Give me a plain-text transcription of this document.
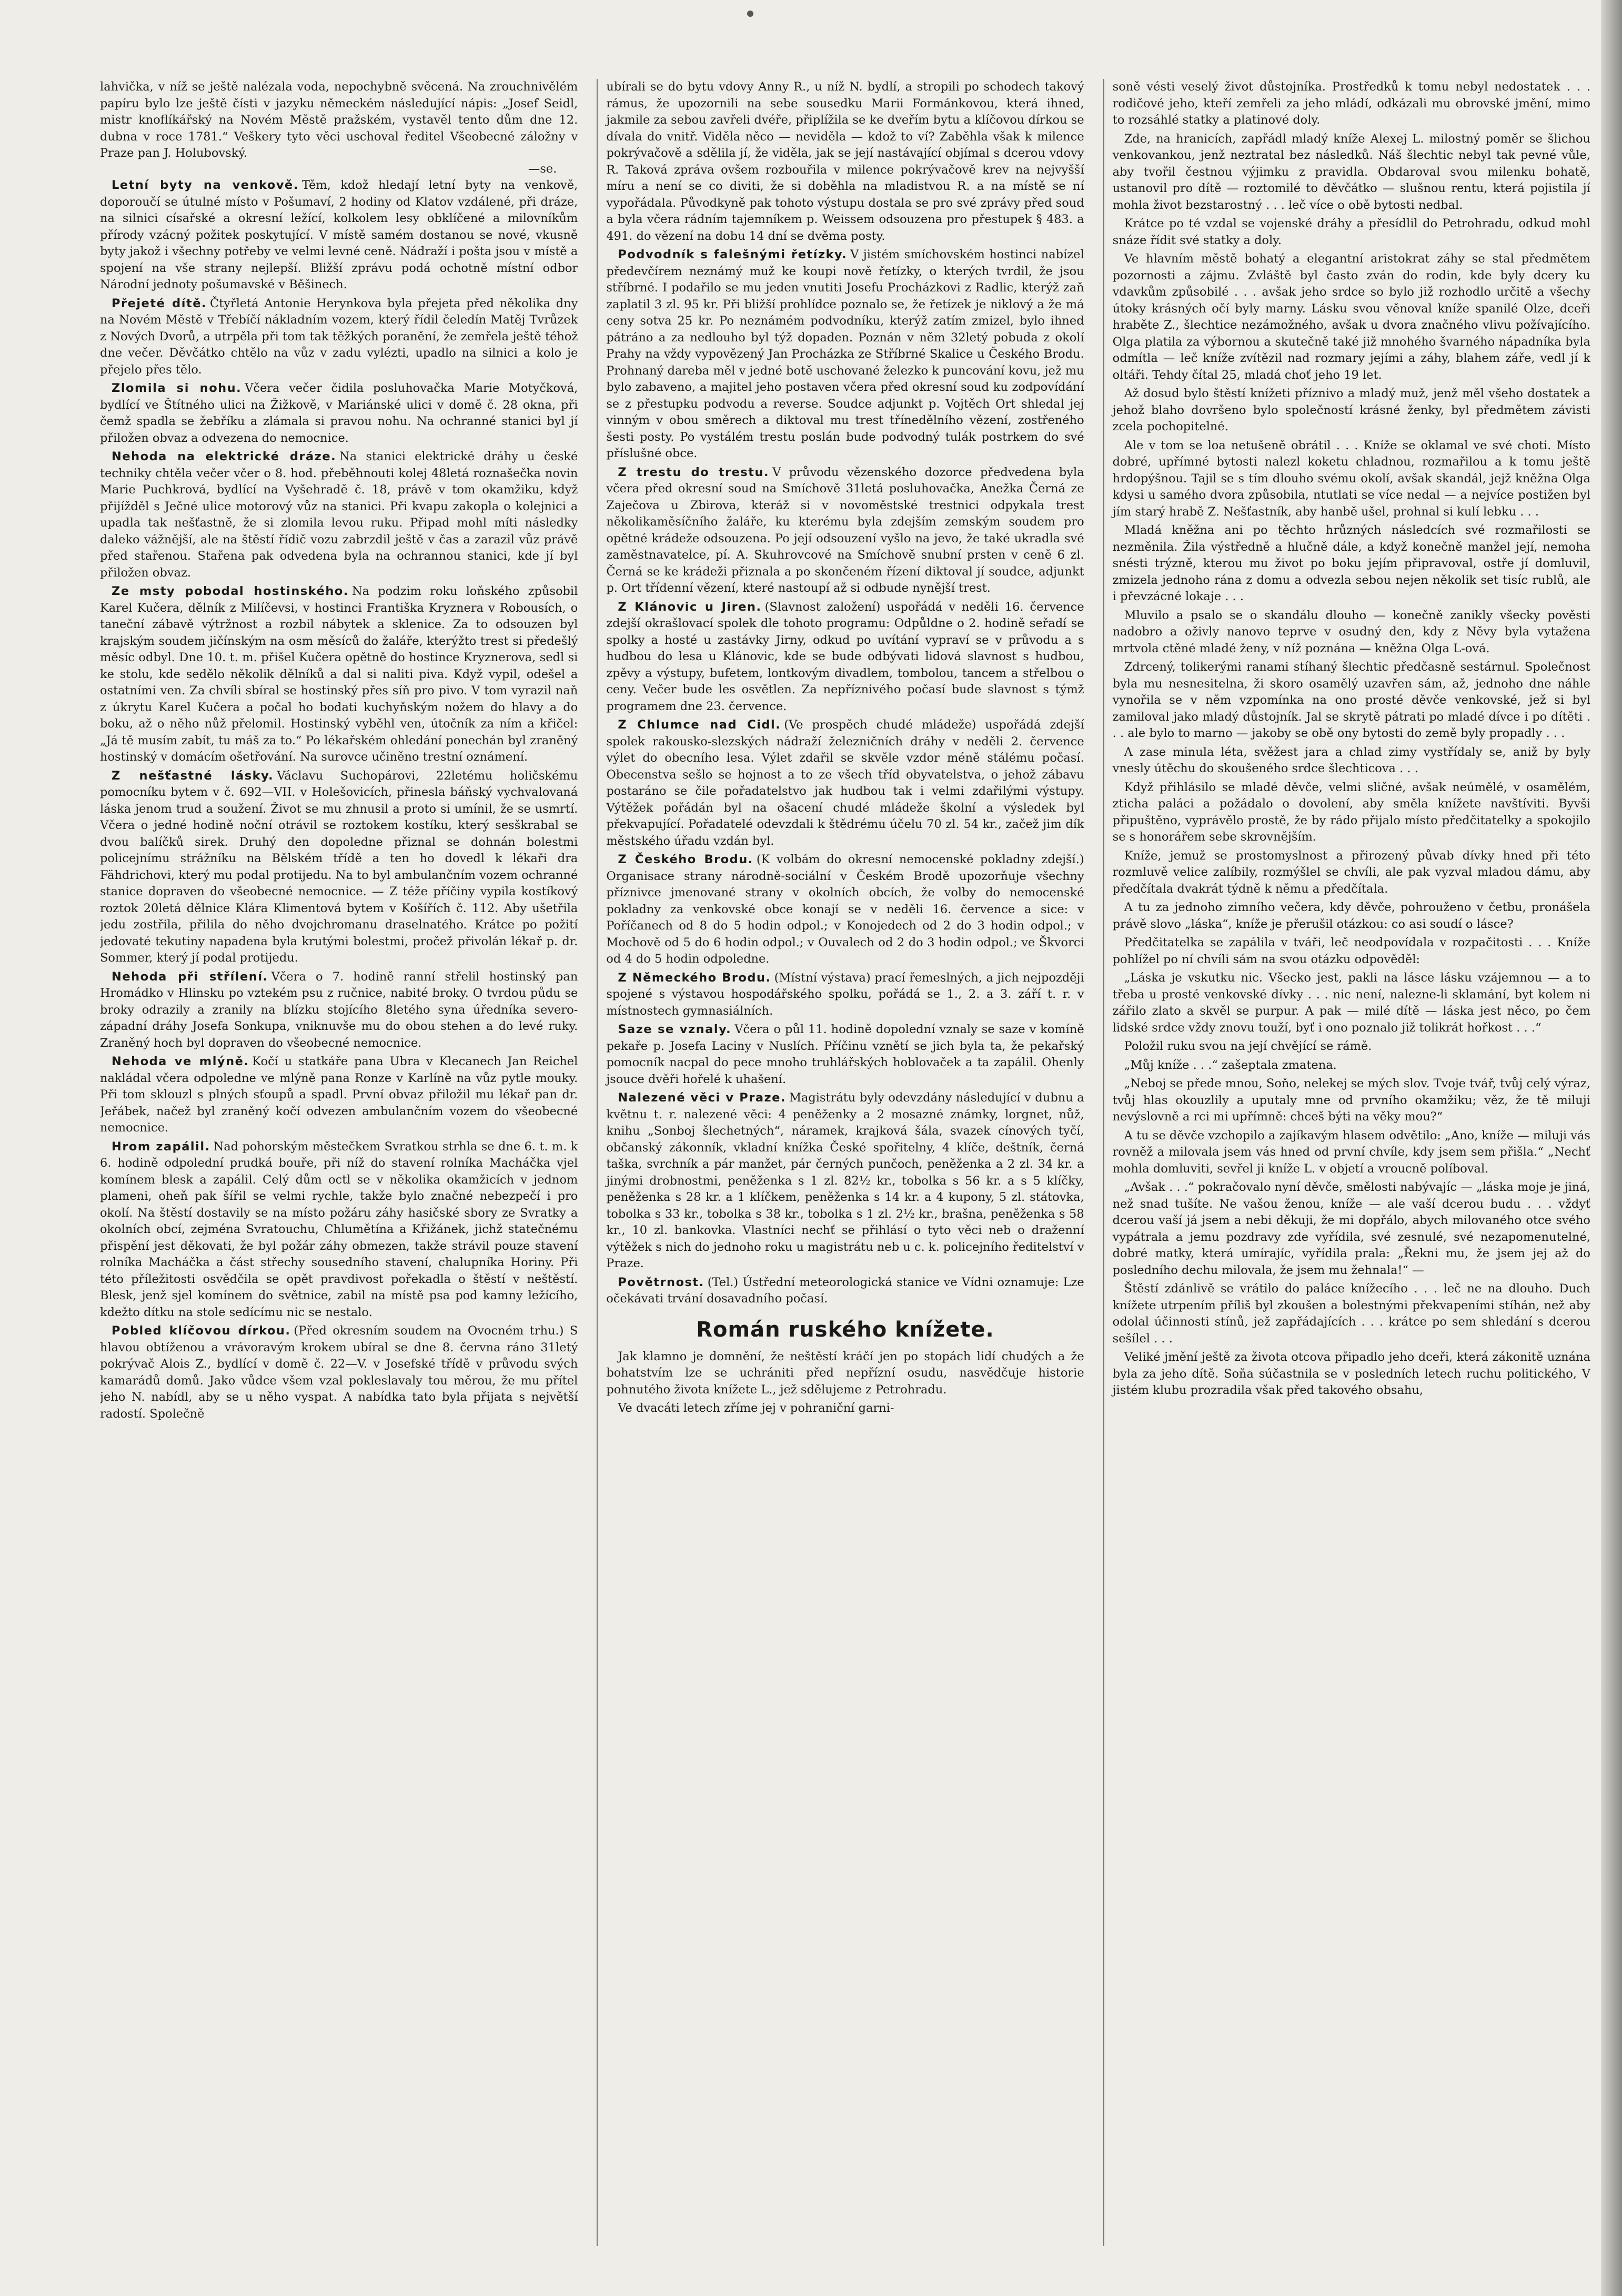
lahvička, v níž se ještě nalézala voda, nepochybně svěcená. Na zrouchnivělém papíru bylo lze ještě čísti v jazyku německém následující nápis: „Josef Seidl, mistr knoflíkářský na Novém Městě pražském, vystavěl tento dům dne 12. dubna v roce 1781.“ Veškery tyto věci uschoval ředitel Všeobecné záložny v Praze pan J. Holubovský.

—se.

Letní byty na venkově. Těm, kdož hledají letní byty na venkově, doporoučí se útulné místo v Pošumaví, 2 hodiny od Klatov vzdálené, při dráze, na silnici císařské a okresní ležící, kolkolem lesy obklíčené a milovníkům přírody vzácný požitek poskytující. V místě samém dostanou se nové, vkusně byty jakož i všechny potřeby ve velmi levné ceně. Nádraží i pošta jsou v místě a spojení na vše strany nejlepší. Bližší zprávu podá ochotně místní odbor Národní jednoty pošumavské v Běšinech.

Přejeté dítě. Čtyřletá Antonie Herynkova byla přejeta před několika dny na Novém Městě v Třebíčí nákladním vozem, který řídil čeledín Matěj Tvrůzek z Nových Dvorů, a utrpěla při tom tak těžkých poranění, že zemřela ještě téhož dne večer. Děvčátko chtělo na vůz v zadu vylézti, upadlo na silnici a kolo je přejelo přes tělo.

Zlomila si nohu. Včera večer čidila posluhovačka Marie Motyčková, bydlící ve Štítného ulici na Žižkově, v Mariánské ulici v domě č. 28 okna, při čemž spadla se žebříku a zlámala si pravou nohu. Na ochranné stanici byl jí přiložen obvaz a odvezena do nemocnice.

Nehoda na elektrické dráze. Na stanici elektrické dráhy u české techniky chtěla večer včer o 8. hod. přeběhnouti kolej 48letá roznašečka novin Marie Puchkrová, bydlící na Vyšehradě č. 18, právě v tom okamžiku, když přijížděl s Ječné ulice motorový vůz na stanici. Při kvapu zakopla o kolejnici a upadla tak nešťastně, že si zlomila levou ruku. Připad mohl míti následky daleko vážnější, ale na štěstí řídič vozu zabrzdil ještě v čas a zarazil vůz právě před stařenou. Stařena pak odvedena byla na ochrannou stanici, kde jí byl přiložen obvaz.

Ze msty pobodal hostinského. Na podzim roku loňského způsobil Karel Kučera, dělník z Milíčevsi, v hostinci Františka Kryznera v Robousích, o taneční zábavě výtržnost a rozbil nábytek a sklenice. Za to odsouzen byl krajským soudem jičínským na osm měsíců do žaláře, kterýžto trest si předešlý měsíc odbyl. Dne 10. t. m. přišel Kučera opětně do hostince Kryznerova, sedl si ke stolu, kde sedělo několik dělníků a dal si naliti piva. Když vypil, odešel a ostatními ven. Za chvíli sbíral se hostinský přes síň pro pivo. V tom vyrazil naň z úkrytu Karel Kučera a počal ho bodati kuchyňským nožem do hlavy a do boku, až o něho nůž přelomil. Hostinský vyběhl ven, útočník za ním a křičel: „Já tě musím zabít, tu máš za to.“ Po lékařském ohledání ponechán byl zraněný hostinský v domácím ošetřování. Na surovce učiněno trestní oznámení.

Z nešťastné lásky. Václavu Suchopárovi, 22letému holičskému pomocníku bytem v č. 692—VII. v Holešovicích, přinesla báňský vychvalovaná láska jenom trud a soužení. Život se mu zhnusil a proto si umínil, že se usmrtí. Včera o jedné hodině noční otrávil se roztokem kostíku, který sesškrabal se dvou balíčků sirek. Druhý den dopoledne přiznal se dohnán bolestmi policejnímu strážníku na Bělském třídě a ten ho dovedl k lékaři dra Fähdrichovi, který mu podal protijedu. Na to byl ambulančním vozem ochranné stanice dopraven do všeobecné nemocnice. — Z téže příčiny vypila kostíkový roztok 20letá dělnice Klára Klimentová bytem v Košířích č. 112. Aby ušetřila jedu zostřila, přilila do něho dvojchromanu draselnatého. Krátce po požití jedovaté tekutiny napadena byla krutými bolestmi, pročež přivolán lékař p. dr. Sommer, který jí podal protijedu.

Nehoda při střílení. Včera o 7. hodině ranní střelil hostinský pan Hromádko v Hlinsku po vztekém psu z ručnice, nabité broky. O tvrdou půdu se broky odrazily a zranily na blízku stojícího 8letého syna úředníka severo-západní dráhy Josefa Sonkupa, vniknuvše mu do obou stehen a do levé ruky. Zraněný hoch byl dopraven do všeobecné nemocnice.

Nehoda ve mlýně. Kočí u statkáře pana Ubra v Klecanech Jan Reichel nakládal včera odpoledne ve mlýně pana Ronze v Karlíně na vůz pytle mouky. Při tom sklouzl s plných sťoupů a spadl. První obvaz přiložil mu lékař pan dr. Jeřábek, načež byl zraněný kočí odvezen ambulančním vozem do všeobecné nemocnice.

Hrom zapálil. Nad pohorským městečkem Svratkou strhla se dne 6. t. m. k 6. hodině odpolední prudká bouře, při níž do stavení rolníka Macháčka vjel komínem blesk a zapálil. Celý dům octl se v několika okamžicích v jednom plameni, oheň pak šířil se velmi rychle, takže bylo značné nebezpečí i pro okolí. Na štěstí dostavily se na místo požáru záhy hasičské sbory ze Svratky a okolních obcí, zejména Svratouchu, Chlumětína a Křižánek, jichž statečnému přispění jest děkovati, že byl požár záhy obmezen, takže strávil pouze stavení rolníka Macháčka a část střechy sousedního stavení, chalupníka Horiny. Při této příležitosti osvědčila se opět pravdivost pořekadla o štěstí v neštěstí. Blesk, jenž sjel komínem do světnice, zabil na místě psa pod kamny ležícího, kdežto dítku na stole sedícímu nic se nestalo.

Pobled klíčovou dírkou. (Před okresním soudem na Ovocném trhu.) S hlavou obtíženou a vrávoravým krokem ubíral se dne 8. června ráno 31letý pokrývač Alois Z., bydlící v domě č. 22—V. v Josefské třídě v průvodu svých kamarádů domů. Jako vůdce všem vzal pokleslavaly tou měrou, že mu přítel jeho N. nabídl, aby se u něho vyspat. A nabídka tato byla přijata s největší radostí. Společně

ubírali se do bytu vdovy Anny R., u níž N. bydlí, a stropili po schodech takový rámus, že upozornili na sebe sousedku Marii Formánkovou, která ihned, jakmile za sebou zavřeli dvéře, připlížila se ke dveřím bytu a klíčovou dírkou se dívala do vnitř. Viděla něco — neviděla — kdož to ví? Zaběhla však k milence pokrývačově a sdělila jí, že viděla, jak se její nastávající objímal s dcerou vdovy R. Taková zpráva ovšem rozbouřila v milence pokrývačově krev na nejvyšší míru a není se co diviti, že si doběhla na mladistvou R. a na místě se ní vypořádala. Původkyně pak tohoto výstupu dostala se pro své zprávy před soud a byla včera rádním tajemníkem p. Weissem odsouzena pro přestupek § 483. a 491. do vězení na dobu 14 dní se dvěma posty.

Podvodník s falešnými řetízky. V jistém smíchovském hostinci nabízel předevčírem neznámý muž ke koupi nově řetízky, o kterých tvrdil, že jsou stříbrné. I podařilo se mu jeden vnutiti Josefu Procházkovi z Radlic, kterýž zaň zaplatil 3 zl. 95 kr. Při bližší prohlídce poznalo se, že řetízek je niklový a že má ceny sotva 25 kr. Po neznámém podvodníku, kterýž zatím zmizel, bylo ihned pátráno a za nedlouho byl týž dopaden. Poznán v něm 32letý pobuda z okolí Prahy na vždy vypovězený Jan Procházka ze Stříbrné Skalice u Českého Brodu. Prohnaný dareba měl v jedné botě uschované železko k puncování kovu, jež mu bylo zabaveno, a majitel jeho postaven včera před okresní soud ku zodpovídání se z přestupku podvodu a reverse. Soudce adjunkt p. Vojtěch Ort shledal jej vinným v obou směrech a diktoval mu trest třínedělního vězení, zostřeného šesti posty. Po vystálém trestu poslán bude podvodný tulák postrkem do své příslušné obce.

Z trestu do trestu. V průvodu vězenského dozorce předvedena byla včera před okresní soud na Smíchově 31letá posluhovačka, Anežka Černá ze Zaječova u Zbirova, kteráž si v novoměstské trestnici odpykala trest několikaměsíčního žaláře, ku kterému byla zdejším zemským soudem pro opětné krádeže odsouzena. Po její odsouzení vyšlo na jevo, že také ukradla své zaměstnavatelce, pí. A. Skuhrovcové na Smíchově snubní prsten v ceně 6 zl. Černá se ke krádeži přiznala a po skončeném řízení diktoval jí soudce, adjunkt p. Ort třídenní vězení, které nastoupí až si odbude nynější trest.

Z Klánovic u Jiren. (Slavnost založení) uspořádá v neděli 16. července zdejší okrašlovací spolek dle tohoto programu: Odpůldne o 2. hodině seřadí se spolky a hosté u zastávky Jirny, odkud po uvítání vypraví se v průvodu a s hudbou do lesa u Klánovic, kde se bude odbývati lidová slavnost s hudbou, zpěvy a výstupy, bufetem, lontkovým divadlem, tombolou, tancem a střelbou o ceny. Večer bude les osvětlen. Za nepříznivého počasí bude slavnost s týmž programem dne 23. července.

Z Chlumce nad Cidl. (Ve prospěch chudé mládeže) uspořádá zdejší spolek rakousko-slezských nádraží železničních dráhy v neděli 2. července výlet do obecního lesa. Výlet zdařil se skvěle vzdor méně stálému počasí. Obecenstva sešlo se hojnost a to ze všech tříd obyvatelstva, o jehož zábavu postaráno se čile pořadatelstvo jak hudbou tak i velmi zdařilými výstupy. Výtěžek pořádán byl na ošacení chudé mládeže školní a výsledek byl překvapující. Pořadatelé odevzdali k štědrému účelu 70 zl. 54 kr., začež jim dík městského úřadu vzdán byl.

Z Českého Brodu. (K volbám do okresní nemocenské pokladny zdejší.) Organisace strany národně-sociální v Českém Brodě upozorňuje všechny příznivce jmenované strany v okolních obcích, že volby do nemocenské pokladny za venkovské obce konají se v neděli 16. července a sice: v Poříčanech od 8 do 5 hodin odpol.; v Konojedech od 2 do 3 hodin odpol.; v Mochově od 5 do 6 hodin odpol.; v Ouvalech od 2 do 3 hodin odpol.; ve Škvorci od 4 do 5 hodin odpoledne.

Z Německého Brodu. (Místní výstava) prací řemeslných, a jich nejpozději spojené s výstavou hospodářského spolku, pořádá se 1., 2. a 3. září t. r. v místnostech gymnasiálních.

Saze se vznaly. Včera o půl 11. hodině dopolední vznaly se saze v komíně pekaře p. Josefa Laciny v Nuslích. Příčinu vznětí se jich byla ta, že pekařský pomocník nacpal do pece mnoho truhlářských hoblovaček a ta zapálil. Ohenly jsouce dvěři hořelé k uhašení.

Nalezené věci v Praze. Magistrátu byly odevzdány následující v dubnu a květnu t. r. nalezené věci: 4 peněženky a 2 mosazné známky, lorgnet, nůž, knihu „Sonboj šlechetných“, náramek, krajková šála, svazek cínových tyčí, občanský zákonník, vkladní knížka České spořitelny, 4 klíče, deštník, černá taška, svrchník a pár manžet, pár černých punčoch, peněženka a 2 zl. 34 kr. a jinými drobnostmi, peněženka s 1 zl. 82½ kr., tobolka s 56 kr. a s 5 klíčky, peněženka s 28 kr. a 1 klíčkem, peněženka s 14 kr. a 4 kupony, 5 zl. státovka, tobolka s 33 kr., tobolka s 38 kr., tobolka s 1 zl. 2½ kr., brašna, peněženka s 58 kr., 10 zl. bankovka. Vlastníci nechť se přihlásí o tyto věci neb o draženní výtěžek s nich do jednoho roku u magistrátu neb u c. k. policejního ředitelství v Praze.

Povětrnost. (Tel.) Ústřední meteorologická stanice ve Vídni oznamuje: Lze očekávati trvání dosavadního počasí.

Román ruského knížete.

Jak klamno je domnění, že neštěstí kráčí jen po stopách lidí chudých a že bohatstvím lze se uchrániti před nepřízní osudu, nasvědčuje historie pohnutého života knížete L., jež sdělujeme z Petrohradu.

Ve dvacáti letech zříme jej v pohraniční garni-

soně vésti veselý život důstojníka. Prostředků k tomu nebyl nedostatek . . . rodičové jeho, kteří zemřeli za jeho mládí, odkázali mu obrovské jmění, mimo to rozsáhlé statky a platinové doly.

Zde, na hranicích, zapřádl mladý kníže Alexej L. milostný poměr se šlichou venkovankou, jenž neztratal bez následků. Náš šlechtic nebyl tak pevné vůle, aby tvořil čestnou výjimku z pravidla. Obdaroval svou milenku bohatě, ustanovil pro dítě — roztomilé to děvčátko — slušnou rentu, která pojistila jí mohla život bezstarostný . . . leč více o obě bytosti nedbal.

Krátce po té vzdal se vojenské dráhy a přesídlil do Petrohradu, odkud mohl snáze řídit své statky a doly.

Ve hlavním městě bohatý a elegantní aristokrat záhy se stal předmětem pozornosti a zájmu. Zvláště byl často zván do rodin, kde byly dcery ku vdavkům způsobilé . . . avšak jeho srdce so bylo již rozhodlo určitě a všechy útoky krásných očí byly marny. Lásku svou věnoval kníže spanilé Olze, dceři hraběte Z., šlechtice nezámožného, avšak u dvora značného vlivu požívajícího. Olga platila za výbornou a skutečně také již mnohého švarného nápadníka byla odmítla — leč kníže zvítězil nad rozmary jejími a záhy, blahem záře, vedl jí k oltáři. Tehdy čítal 25, mladá choť jeho 19 let.

Až dosud bylo štěstí knížeti příznivo a mladý muž, jenž měl všeho dostatek a jehož blaho dovršeno bylo společností krásné ženky, byl předmětem závisti zcela pochopitelné.

Ale v tom se loa netušeně obrátil . . . Kníže se oklamal ve své choti. Místo dobré, upřímné bytosti nalezl koketu chladnou, rozmařilou a k tomu ještě hrdopýšnou. Tajil se s tím dlouho svému okolí, avšak skandál, jejž kněžna Olga kdysi u samého dvora způsobila, ntutlati se více nedal — a nejvíce postižen byl jím starý hrabě Z. Nešťastník, aby hanbě ušel, prohnal si kulí lebku . . .

Mladá kněžna ani po těchto hrůzných následcích své rozmařilosti se nezměnila. Žila výstředně a hlučně dále, a když konečně manžel její, nemoha snésti trýzně, kterou mu život po boku jejím připravoval, ostře jí domluvil, zmizela jednoho rána z domu a odvezla sebou nejen několik set tisíc rublů, ale i převzácné lokaje . . .

Mluvilo a psalo se o skandálu dlouho — konečně zanikly všecky pověsti nadobro a oživly nanovo teprve v osudný den, kdy z Něvy byla vytažena mrtvola ctěné mladé ženy, v níž poznána — kněžna Olga L-ová.

Zdrcený, tolikerými ranami stíhaný šlechtic předčasně sestárnul. Společnost byla mu nesnesitelna, ži skoro osamělý uzavřen sám, až, jednoho dne náhle vynořila se v něm vzpomínka na ono prosté děvče venkovské, jež si byl zamiloval jako mladý důstojník. Jal se skrytě pátrati po mladé dívce i po dítěti . . . ale bylo to marno — jakoby se obě ony bytosti do země byly propadly . . .

A zase minula léta, svěžest jara a chlad zimy vystřídaly se, aniž by byly vnesly útěchu do skoušeného srdce šlechticova . . .

Když přihlásilo se mladé děvče, velmi sličné, avšak neúmělé, v osamělém, zticha paláci a požádalo o dovolení, aby směla knížete navštíviti. Byvši připuštěno, vyprávělo prostě, že by rádo přijalo místo předčitatelky a spokojilo se s honorářem sebe skrovnějším.

Kníže, jemuž se prostomyslnost a přirozený půvab dívky hned při této rozmluvě velice zalíbily, rozmýšlel se chvíli, ale pak vyzval mladou dámu, aby předčítala dvakrát týdně k němu a předčítala.

A tu za jednoho zimního večera, kdy děvče, pohrouženo v četbu, pronášela právě slovo „láska“, kníže je přerušil otázkou: co asi soudí o lásce?

Předčitatelka se zapálila v tváři, leč neodpovídala v rozpačitosti . . . Kníže pohlížel po ní chvíli sám na svou otázku odpověděl:

„Láska je vskutku nic. Všecko jest, pakli na lásce lásku vzájemnou — a to třeba u prosté venkovské dívky . . . nic není, nalezne-li sklamání, byt kolem ni zářilo zlato a skvěl se purpur. A pak — milé dítě — láska jest něco, po čem lidské srdce vždy znovu touží, byť i ono poznalo již tolikrát hořkost . . .“

Položil ruku svou na její chvějící se rámě.

„Můj kníže . . .“ zašeptala zmatena.

„Neboj se přede mnou, Soňo, nelekej se mých slov. Tvoje tvář, tvůj celý výraz, tvůj hlas okouzlily a uputaly mne od prvního okamžiku; věz, že tě miluji nevýslovně a rci mi upřímně: chceš býti na věky mou?“

A tu se děvče vzchopilo a zajíkavým hlasem odvětilo: „Ano, kníže — miluji vás rovněž a milovala jsem vás hned od první chvíle, kdy jsem sem přišla.“ „Nechť mohla domluviti, sevřel ji kníže L. v objetí a vroucně políboval.

„Avšak . . .“ pokračovalo nyní děvče, smělosti nabývajíc — „láska moje je jiná, než snad tušíte. Ne vašou ženou, kníže — ale vaší dcerou budu . . . vždyť dcerou vaší já jsem a nebi děkuji, že mi dopřálo, abych milovaného otce svého vypátrala a jemu pozdravy zde vyřídila, své zesnulé, své nezapomenutelné, dobré matky, která umírajíc, vyřídila prala: „Řekni mu, že jsem jej až do posledního dechu milovala, že jsem mu žehnala!“ —

Štěstí zdánlivě se vrátilo do paláce knížecího . . . leč ne na dlouho. Duch knížete utrpením příliš byl zkoušen a bolestnými překvapeními stíhán, než aby odolal účinnosti stínů, jež zapřádajících . . . krátce po sem shledání s dcerou sešílel . . .

Veliké jmění ještě za života otcova připadlo jeho dceři, která zákonitě uznána byla za jeho dítě. Soňa súčastnila se v posledních letech ruchu politického, V jistém klubu prozradila však před takového obsahu,
